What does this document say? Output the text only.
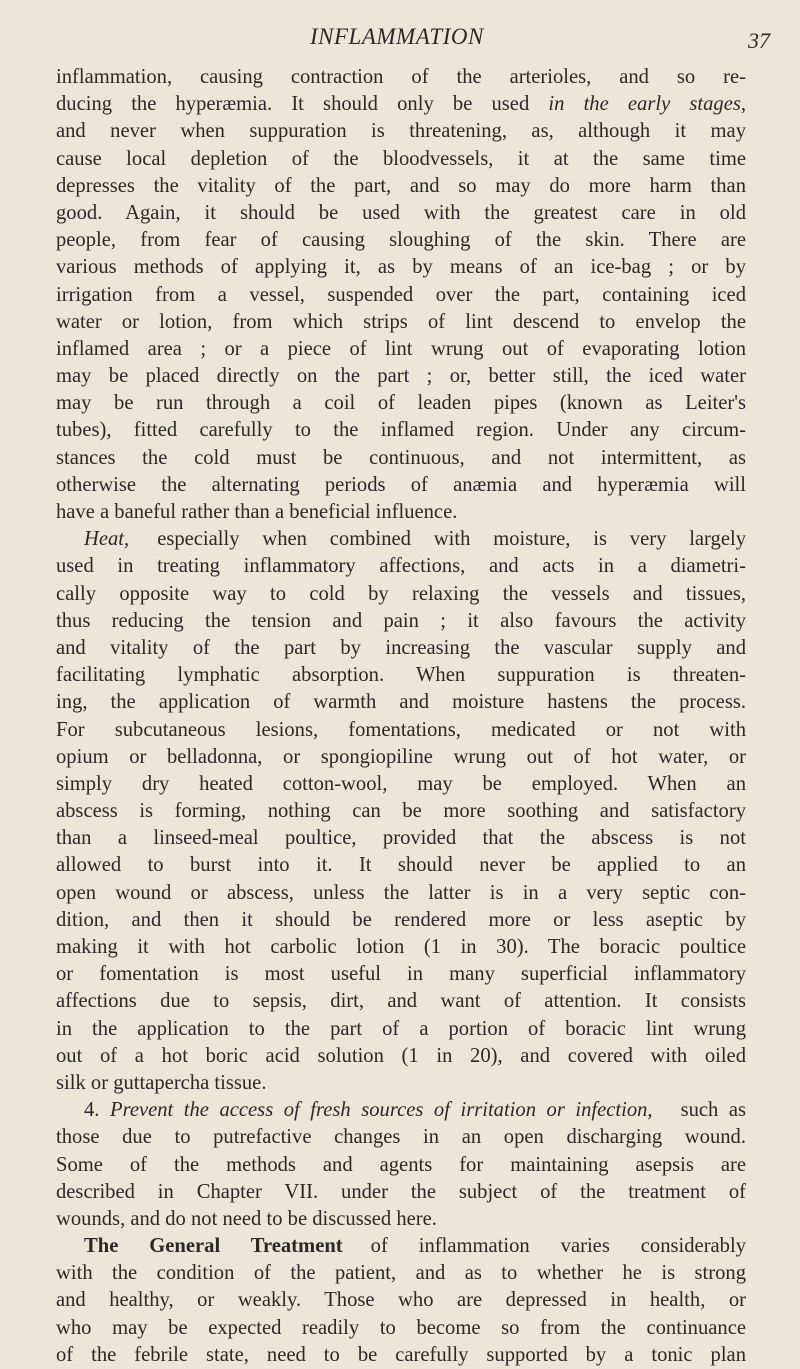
INFLAMMATION	37
inflammation, causing contraction of the arterioles, and so re-
ducing the hyperæmia. It should only be used in the early stages,
and never when suppuration is threatening, as, although it may
cause local depletion of the bloodvessels, it at the same time
depresses the vitality of the part, and so may do more harm than
good. Again, it should be used with the greatest care in old
people, from fear of causing sloughing of the skin. There are
various methods of applying it, as by means of an ice-bag ; or by
irrigation from a vessel, suspended over the part, containing iced
water or lotion, from which strips of lint descend to envelop the
inflamed area ; or a piece of lint wrung out of evaporating lotion
may be placed directly on the part ; or, better still, the iced water
may be run through a coil of leaden pipes (known as Leiter's
tubes), fitted carefully to the inflamed region. Under any circum-
stances the cold must be continuous, and not intermittent, as
otherwise the alternating periods of anæmia and hyperæmia will
have a baneful rather than a beneficial influence.
Heat, especially when combined with moisture, is very largely
used in treating inflammatory affections, and acts in a diametri-
cally opposite way to cold by relaxing the vessels and tissues,
thus reducing the tension and pain ; it also favours the activity
and vitality of the part by increasing the vascular supply and
facilitating lymphatic absorption. When suppuration is threaten-
ing, the application of warmth and moisture hastens the process.
For subcutaneous lesions, fomentations, medicated or not with
opium or belladonna, or spongiopiline wrung out of hot water, or
simply dry heated cotton-wool, may be employed. When an
abscess is forming, nothing can be more soothing and satisfactory
than a linseed-meal poultice, provided that the abscess is not
allowed to burst into it. It should never be applied to an
open wound or abscess, unless the latter is in a very septic con-
dition, and then it should be rendered more or less aseptic by
making it with hot carbolic lotion (1 in 30). The boracic poultice
or fomentation is most useful in many superficial inflammatory
affections due to sepsis, dirt, and want of attention. It consists
in the application to the part of a portion of boracic lint wrung
out of a hot boric acid solution (1 in 20), and covered with oiled
silk or guttapercha tissue.
4. Prevent the access of fresh sources of irritation or infection, such as
those due to putrefactive changes in an open discharging wound.
Some of the methods and agents for maintaining asepsis are
described in Chapter VII. under the subject of the treatment of
wounds, and do not need to be discussed here.
The General Treatment of inflammation varies considerably
with the condition of the patient, and as to whether he is strong
and healthy, or weakly. Those who are depressed in health, or
who may be expected readily to become so from the continuance
of the febrile state, need to be carefully supported by a tonic plan
